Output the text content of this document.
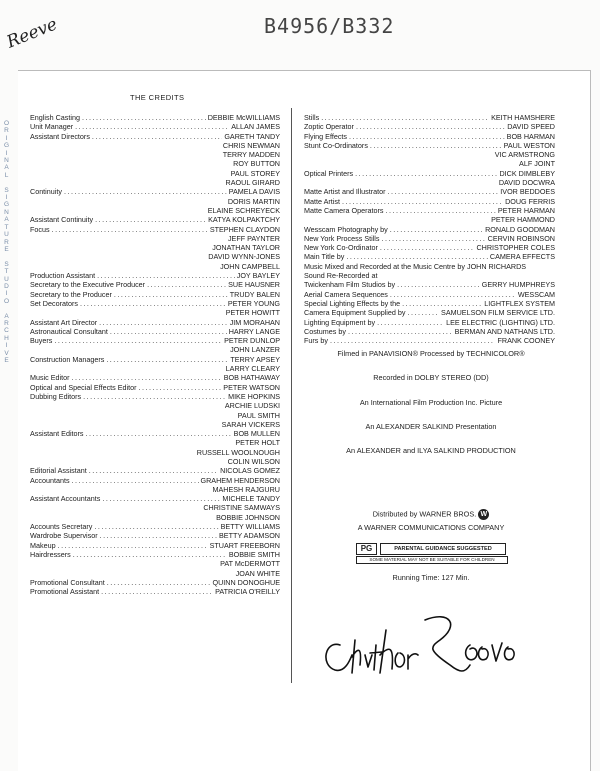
B4956/B332
Reeve
O
R
I
G
I
N
A
L

S
I
G
N
A
T
U
R
E

S
T
U
D
I
O

A
R
C
H
I
V
E
THE CREDITS
English Casting .....	DEBBIE McWILLIAMS
Unit Manager .....	ALLAN JAMES
Assistant Directors .....	GARETH TANDY
CHRIS NEWMAN
TERRY MADDEN
ROY BUTTON
PAUL STOREY
RAOUL GIRARD
Continuity .....	PAMELA DAVIS
DORIS MARTIN
ELAINE SCHREYECK
Assistant Continuity .....	KATYA KOLPAKTCHY
Focus .....	STEPHEN CLAYDON
JEFF PAYNTER
JONATHAN TAYLOR
DAVID WYNN-JONES
JOHN CAMPBELL
Production Assistant .....	JOY BAYLEY
Secretary to the Executive Producer .....	SUE HAUSNER
Secretary to the Producer .....	TRUDY BALEN
Set Decorators .....	PETER YOUNG
PETER HOWITT
Assistant Art Director .....	JIM MORAHAN
Astronautical Consultant .....	HARRY LANGE
Buyers .....	PETER DUNLOP
JOHN LANZER
Construction Managers .....	TERRY APSEY
LARRY CLEARY
Music Editor .....	BOB HATHAWAY
Optical and Special Effects Editor .....	PETER WATSON
Dubbing Editors .....	MIKE HOPKINS
ARCHIE LUDSKI
PAUL SMITH
SARAH VICKERS
Assistant Editors .....	BOB MULLEN
PETER HOLT
RUSSELL WOOLNOUGH
COLIN WILSON
Editorial Assistant .....	NICOLAS GOMEZ
Accountants .....	GRAHEM HENDERSON
MAHESH RAJGURU
Assistant Accountants .....	MICHELE TANDY
CHRISTINE SAMWAYS
BOBBIE JOHNSON
Accounts Secretary .....	BETTY WILLIAMS
Wardrobe Supervisor .....	BETTY ADAMSON
Makeup .....	STUART FREEBORN
Hairdressers .....	BOBBIE SMITH
PAT McDERMOTT
JOAN WHITE
Promotional Consultant .....	QUINN DONOGHUE
Promotional Assistant .....	PATRICIA O'REILLY
Stills .....	KEITH HAMSHERE
Zoptic Operator .....	DAVID SPEED
Flying Effects .....	BOB HARMAN
Stunt Co-Ordinators .....	PAUL WESTON
VIC ARMSTRONG
ALF JOINT
Optical Printers .....	DICK DIMBLEBY
DAVID DOCWRA
Matte Artist and Illustrator .....	IVOR BEDDOES
Matte Artist .....	DOUG FERRIS
Matte Camera Operators .....	PETER HARMAN
PETER HAMMOND
Wesscam Photography by .....	RONALD GOODMAN
New York Process Stills .....	CERVIN ROBINSON
New York Co-Ordinator .....	CHRISTOPHER COLES
Main Title by .....	CAMERA EFFECTS
Music Mixed and Recorded at the Music Centre by JOHN RICHARDS
Sound Re-Recorded at
Twickenham Film Studios by .....	GERRY HUMPHREYS
Aerial Camera Sequences .....	WESSCAM
Special Lighting Effects by the .....	LIGHTFLEX SYSTEM
Camera Equipment Supplied by .....	SAMUELSON FILM SERVICE LTD.
Lighting Equipment by .....	LEE ELECTRIC (LIGHTING) LTD.
Costumes by .....	BERMAN AND NATHANS LTD.
Furs by .....	FRANK COONEY
Filmed in PANAVISION® Processed by TECHNICOLOR®
Recorded in DOLBY STEREO (DD)
An International Film Production Inc. Picture
An ALEXANDER SALKIND Presentation
An ALEXANDER and ILYA SALKIND PRODUCTION
Distributed by WARNER BROS. W
A WARNER COMMUNICATIONS COMPANY
PG	PARENTAL GUIDANCE SUGGESTED
SOME MATERIAL MAY NOT BE SUITABLE FOR CHILDREN
Running Time: 127 Min.
